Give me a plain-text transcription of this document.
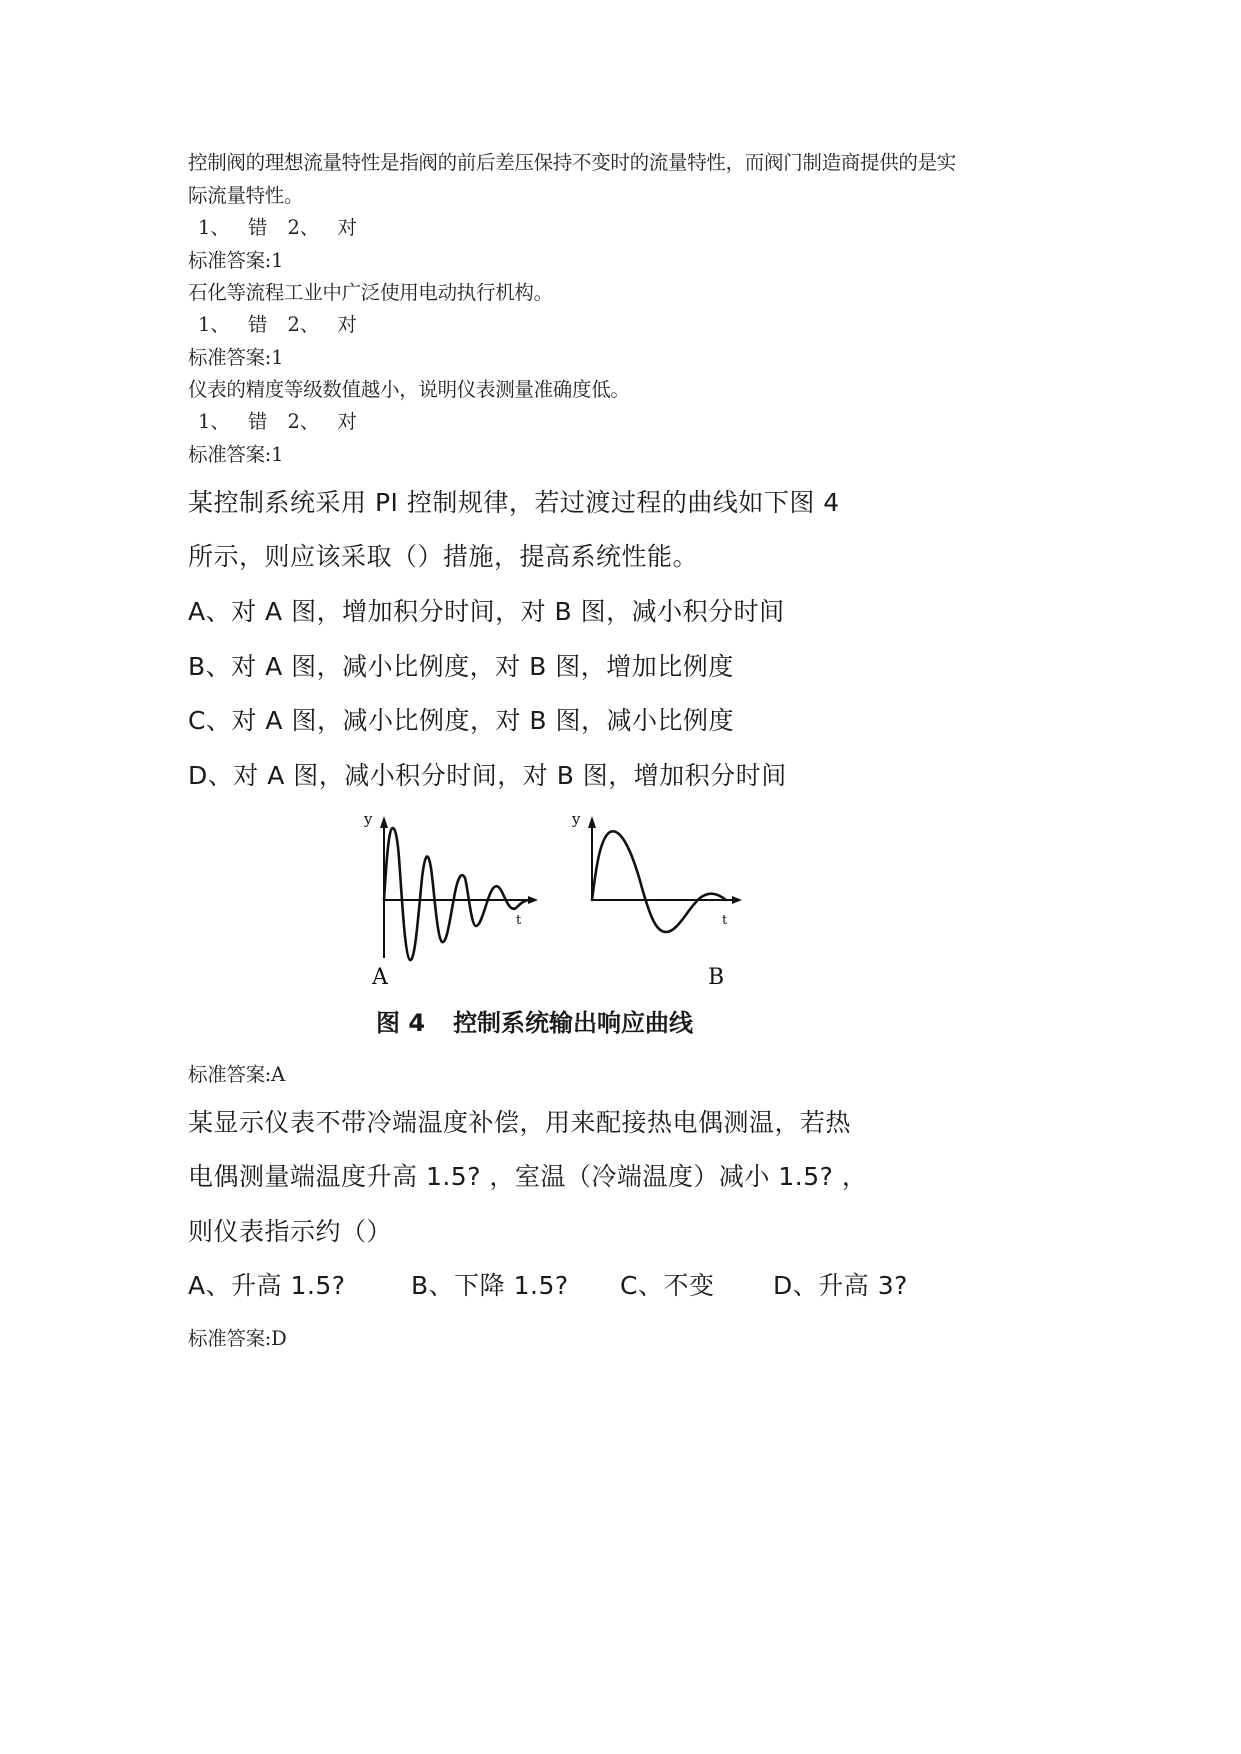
控制阀的理想流量特性是指阀的前后差压保持不变时的流量特性，而阀门制造商提供的是实
际流量特性。
1、 错 2、 对
标准答案:1
石化等流程工业中广泛使用电动执行机构。
1、 错 2、 对
标准答案:1
仪表的精度等级数值越小，说明仪表测量准确度低。
1、 错 2、 对
标准答案:1
某控制系统采用 PI 控制规律，若过渡过程的曲线如下图 4
所示，则应该采取（）措施，提高系统性能。
A、对 A 图，增加积分时间，对 B 图，减小积分时间
B、对 A 图，减小比例度，对 B 图，增加比例度
C、对 A 图，减小比例度，对 B 图，减小比例度
D、对 A 图，减小积分时间，对 B 图，增加积分时间
y
t
y
t
A	B
图 4 控制系统输出响应曲线
标准答案:A
某显示仪表不带冷端温度补偿，用来配接热电偶测温，若热
电偶测量端温度升高 1.5? ，室温（冷端温度）减小 1.5? ，
则仪表指示约（）
A、升高 1.5?	B、下降 1.5? C、不变 D、升高 3?
标准答案:D
